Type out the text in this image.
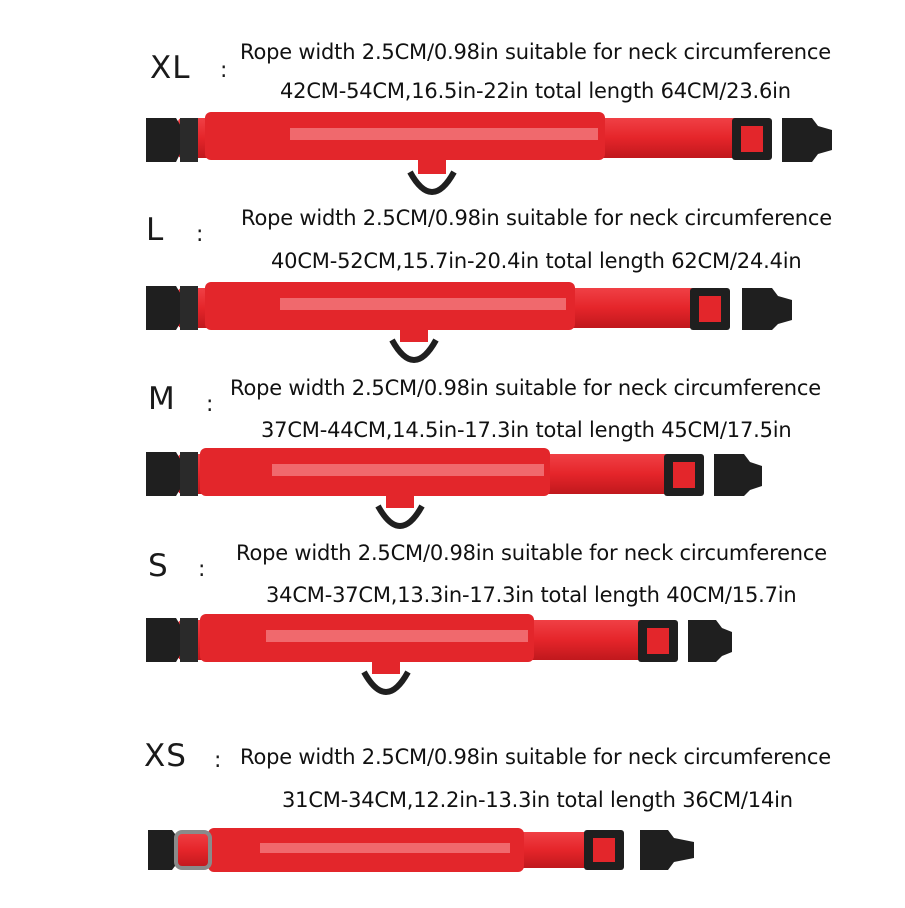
XL :
Rope width 2.5CM/0.98in suitable for neck circumference
42CM-54CM,16.5in-22in total length 64CM/23.6in
L :
Rope width 2.5CM/0.98in suitable for neck circumference
40CM-52CM,15.7in-20.4in total length 62CM/24.4in
M :
Rope width 2.5CM/0.98in suitable for neck circumference
37CM-44CM,14.5in-17.3in total length 45CM/17.5in
S :
Rope width 2.5CM/0.98in suitable for neck circumference
34CM-37CM,13.3in-17.3in total length 40CM/15.7in
XS : Rope width 2.5CM/0.98in suitable for neck circumference
31CM-34CM,12.2in-13.3in total length 36CM/14in
